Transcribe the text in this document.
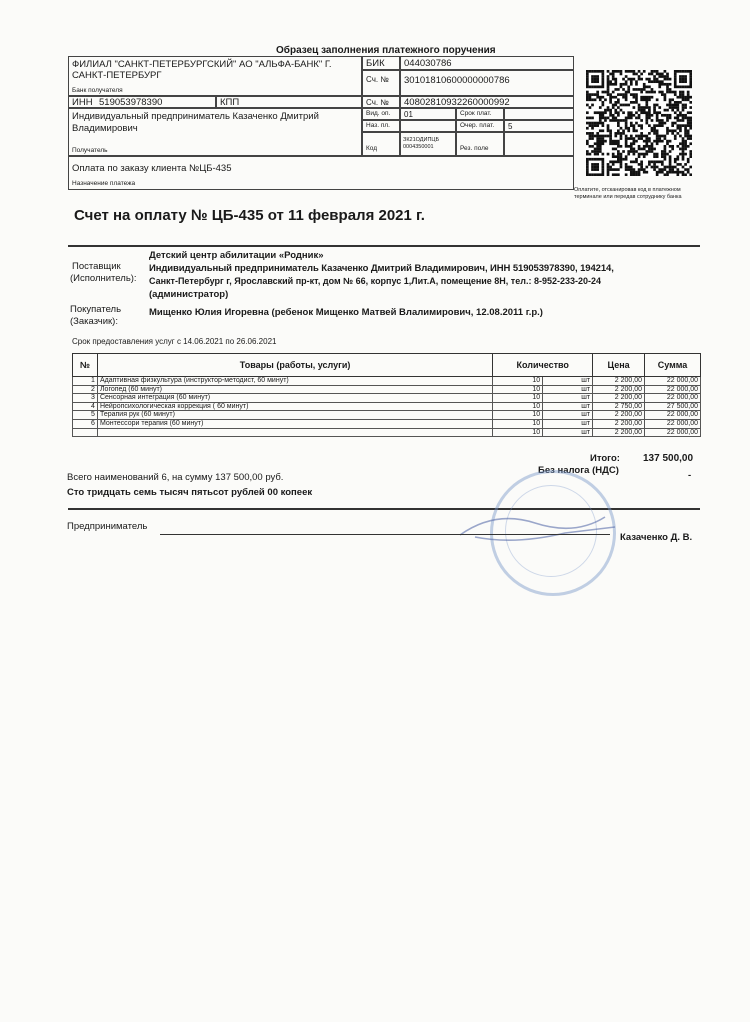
Образец заполнения платежного поручения
ФИЛИАЛ "САНКТ-ПЕТЕРБУРГСКИЙ" АО "АЛЬФА-БАНК" Г. САНКТ-ПЕТЕРБУРГ
Банк получателя
БИК 044030786
Сч. № 30101810600000000786
ИНН 519053978390	КПП	Сч. № 40802810932260000992
Индивидуальный предприниматель Казаченко Дмитрий Владимирович
Получатель
Вид. оп. 01	Срок плат.
Наз. пл.	Очер. плат. 5
Код
ЗК21ОДИПЦБ 0004350001	Рез. поле
Оплата по заказу клиента №ЦБ-435
Назначение платежа
Оплатите, отсканировав код в платежном терминале или передав сотруднику банка
Счет на оплату № ЦБ-435 от 11 февраля 2021 г.
Поставщик
(Исполнитель):
Детский центр абилитации «Родник»
Индивидуальный предприниматель Казаченко Дмитрий Владимирович, ИНН 519053978390, 194214,
Санкт-Петербург г, Ярославский пр-кт, дом № 66, корпус 1,Лит.А, помещение 8Н, тел.: 8-952-233-20-24
(администратор)
Покупатель
(Заказчик):
Мищенко Юлия Игоревна (ребенок Мищенко Матвей Влалимирович, 12.08.2011 г.р.)
Срок предоставления услуг с 14.06.2021 по 26.06.2021
№	Товары (работы, услуги)	Количество		Цена	Сумма
1	Адаптивная физкультура (инструктор-методист, 60 минут)	10	шт	2 200,00	22 000,00
2	Логопед (60 минут)	10	шт	2 200,00	22 000,00
3	Сенсорная интеграция (60 минут)	10	шт	2 200,00	22 000,00
4	Нейропсихологическая коррекция ( 60 минут)	10	шт	2 750,00	27 500,00
5	Терапия рук (60 минут)	10	шт	2 200,00	22 000,00
6	Монтессори терапия (60 минут)	10	шт	2 200,00	22 000,00
		10	шт	2 200,00	22 000,00
Итого: 137 500,00
Без налога (НДС)	-
Всего наименований 6, на сумму 137 500,00 руб.
Сто тридцать семь тысяч пятьсот рублей 00 копеек
Предприниматель
Казаченко Д. В.
